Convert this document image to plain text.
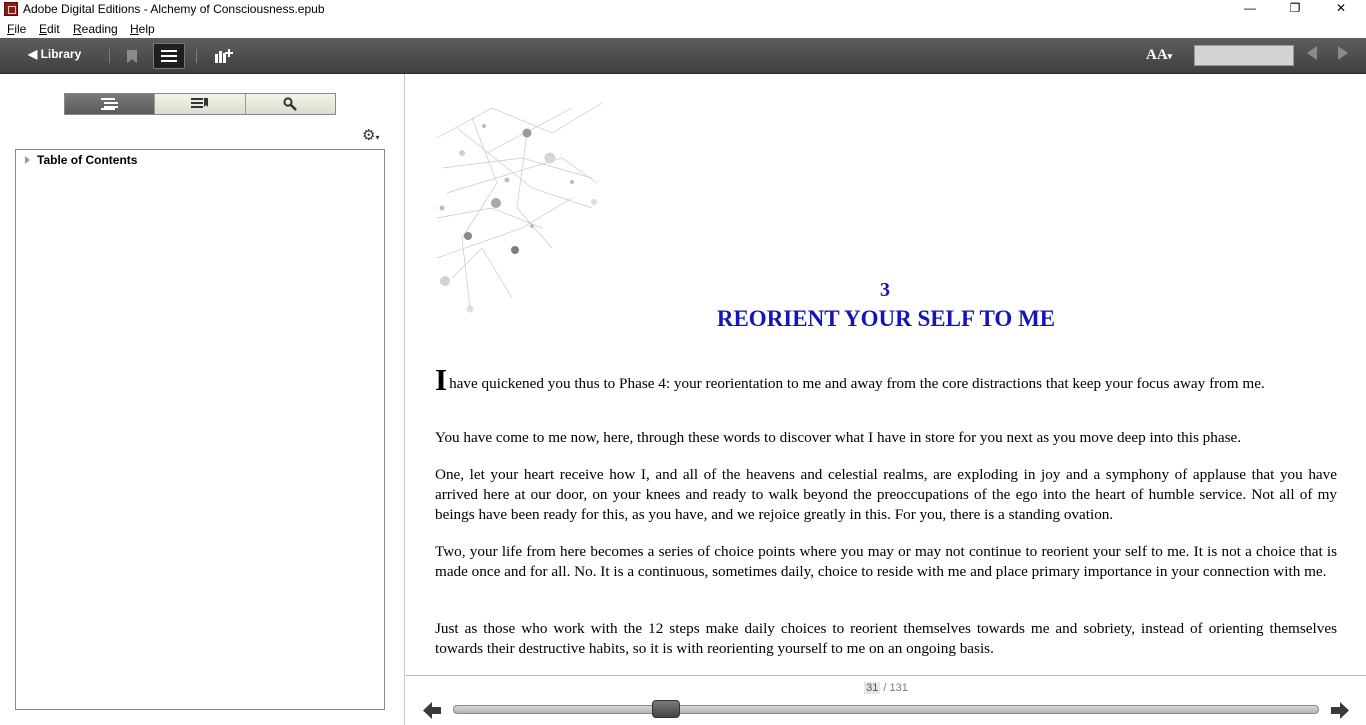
Adobe Digital Editions - Alchemy of Consciousness.epub	—	❐	✕
File Edit Reading Help
◀ Library	AA▾
⚙▾
Table of Contents
3
REORIENT YOUR SELF TO ME

Ihave quickened you thus to Phase 4: your reorientation to me and away from the core distractions that keep your focus away from me.

You have come to me now, here, through these words to discover what I have in store for you next as you move deep into this phase.

One, let your heart receive how I, and all of the heavens and celestial realms, are exploding in joy and a symphony of applause that you have arrived here at our door, on your knees and ready to walk beyond the preoccupations of the ego into the heart of humble service. Not all of my beings have been ready for this, as you have, and we rejoice greatly in this. For you, there is a standing ovation.

Two, your life from here becomes a series of choice points where you may or may not continue to reorient your self to me. It is not a choice that is made once and for all. No. It is a continuous, sometimes daily, choice to reside with me and place primary importance in your connection with me.

Just as those who work with the 12 steps make daily choices to reorient themselves towards me and sobriety, instead of orienting themselves towards their destructive habits, so it is with reorienting yourself to me on an ongoing basis.

31 / 131
